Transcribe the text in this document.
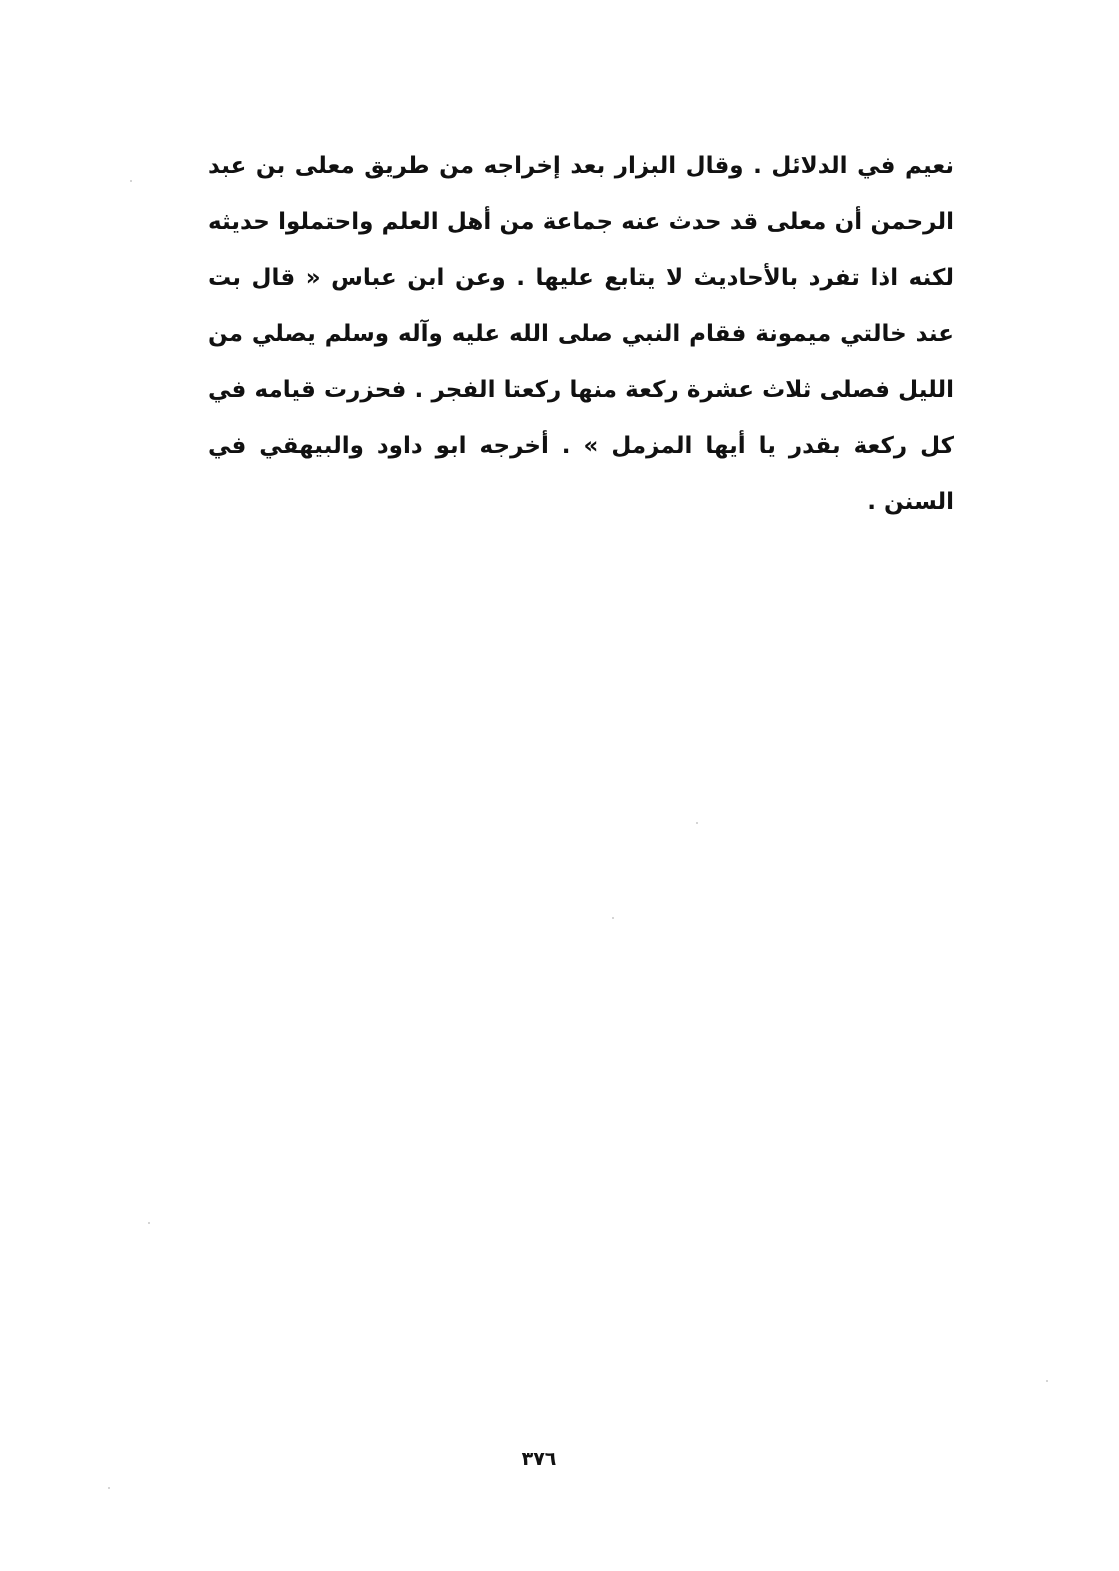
نعيم في الدلائل . وقال البزار بعد إخراجه من طريق معلى بن عبد
الرحمن أن معلى قد حدث عنه جماعة من أهل العلم واحتملوا حديثه
لكنه اذا تفرد بالأحاديث لا يتابع عليها . وعن ابن عباس « قال بت
عند خالتي ميمونة فقام النبي صلى الله عليه وآله وسلم يصلي من
الليل فصلى ثلاث عشرة ركعة منها ركعتا الفجر . فحزرت قيامه في
كل ركعة بقدر يا أيها المزمل » . أخرجه ابو داود والبيهقي في
السنن .
٣٧٦
